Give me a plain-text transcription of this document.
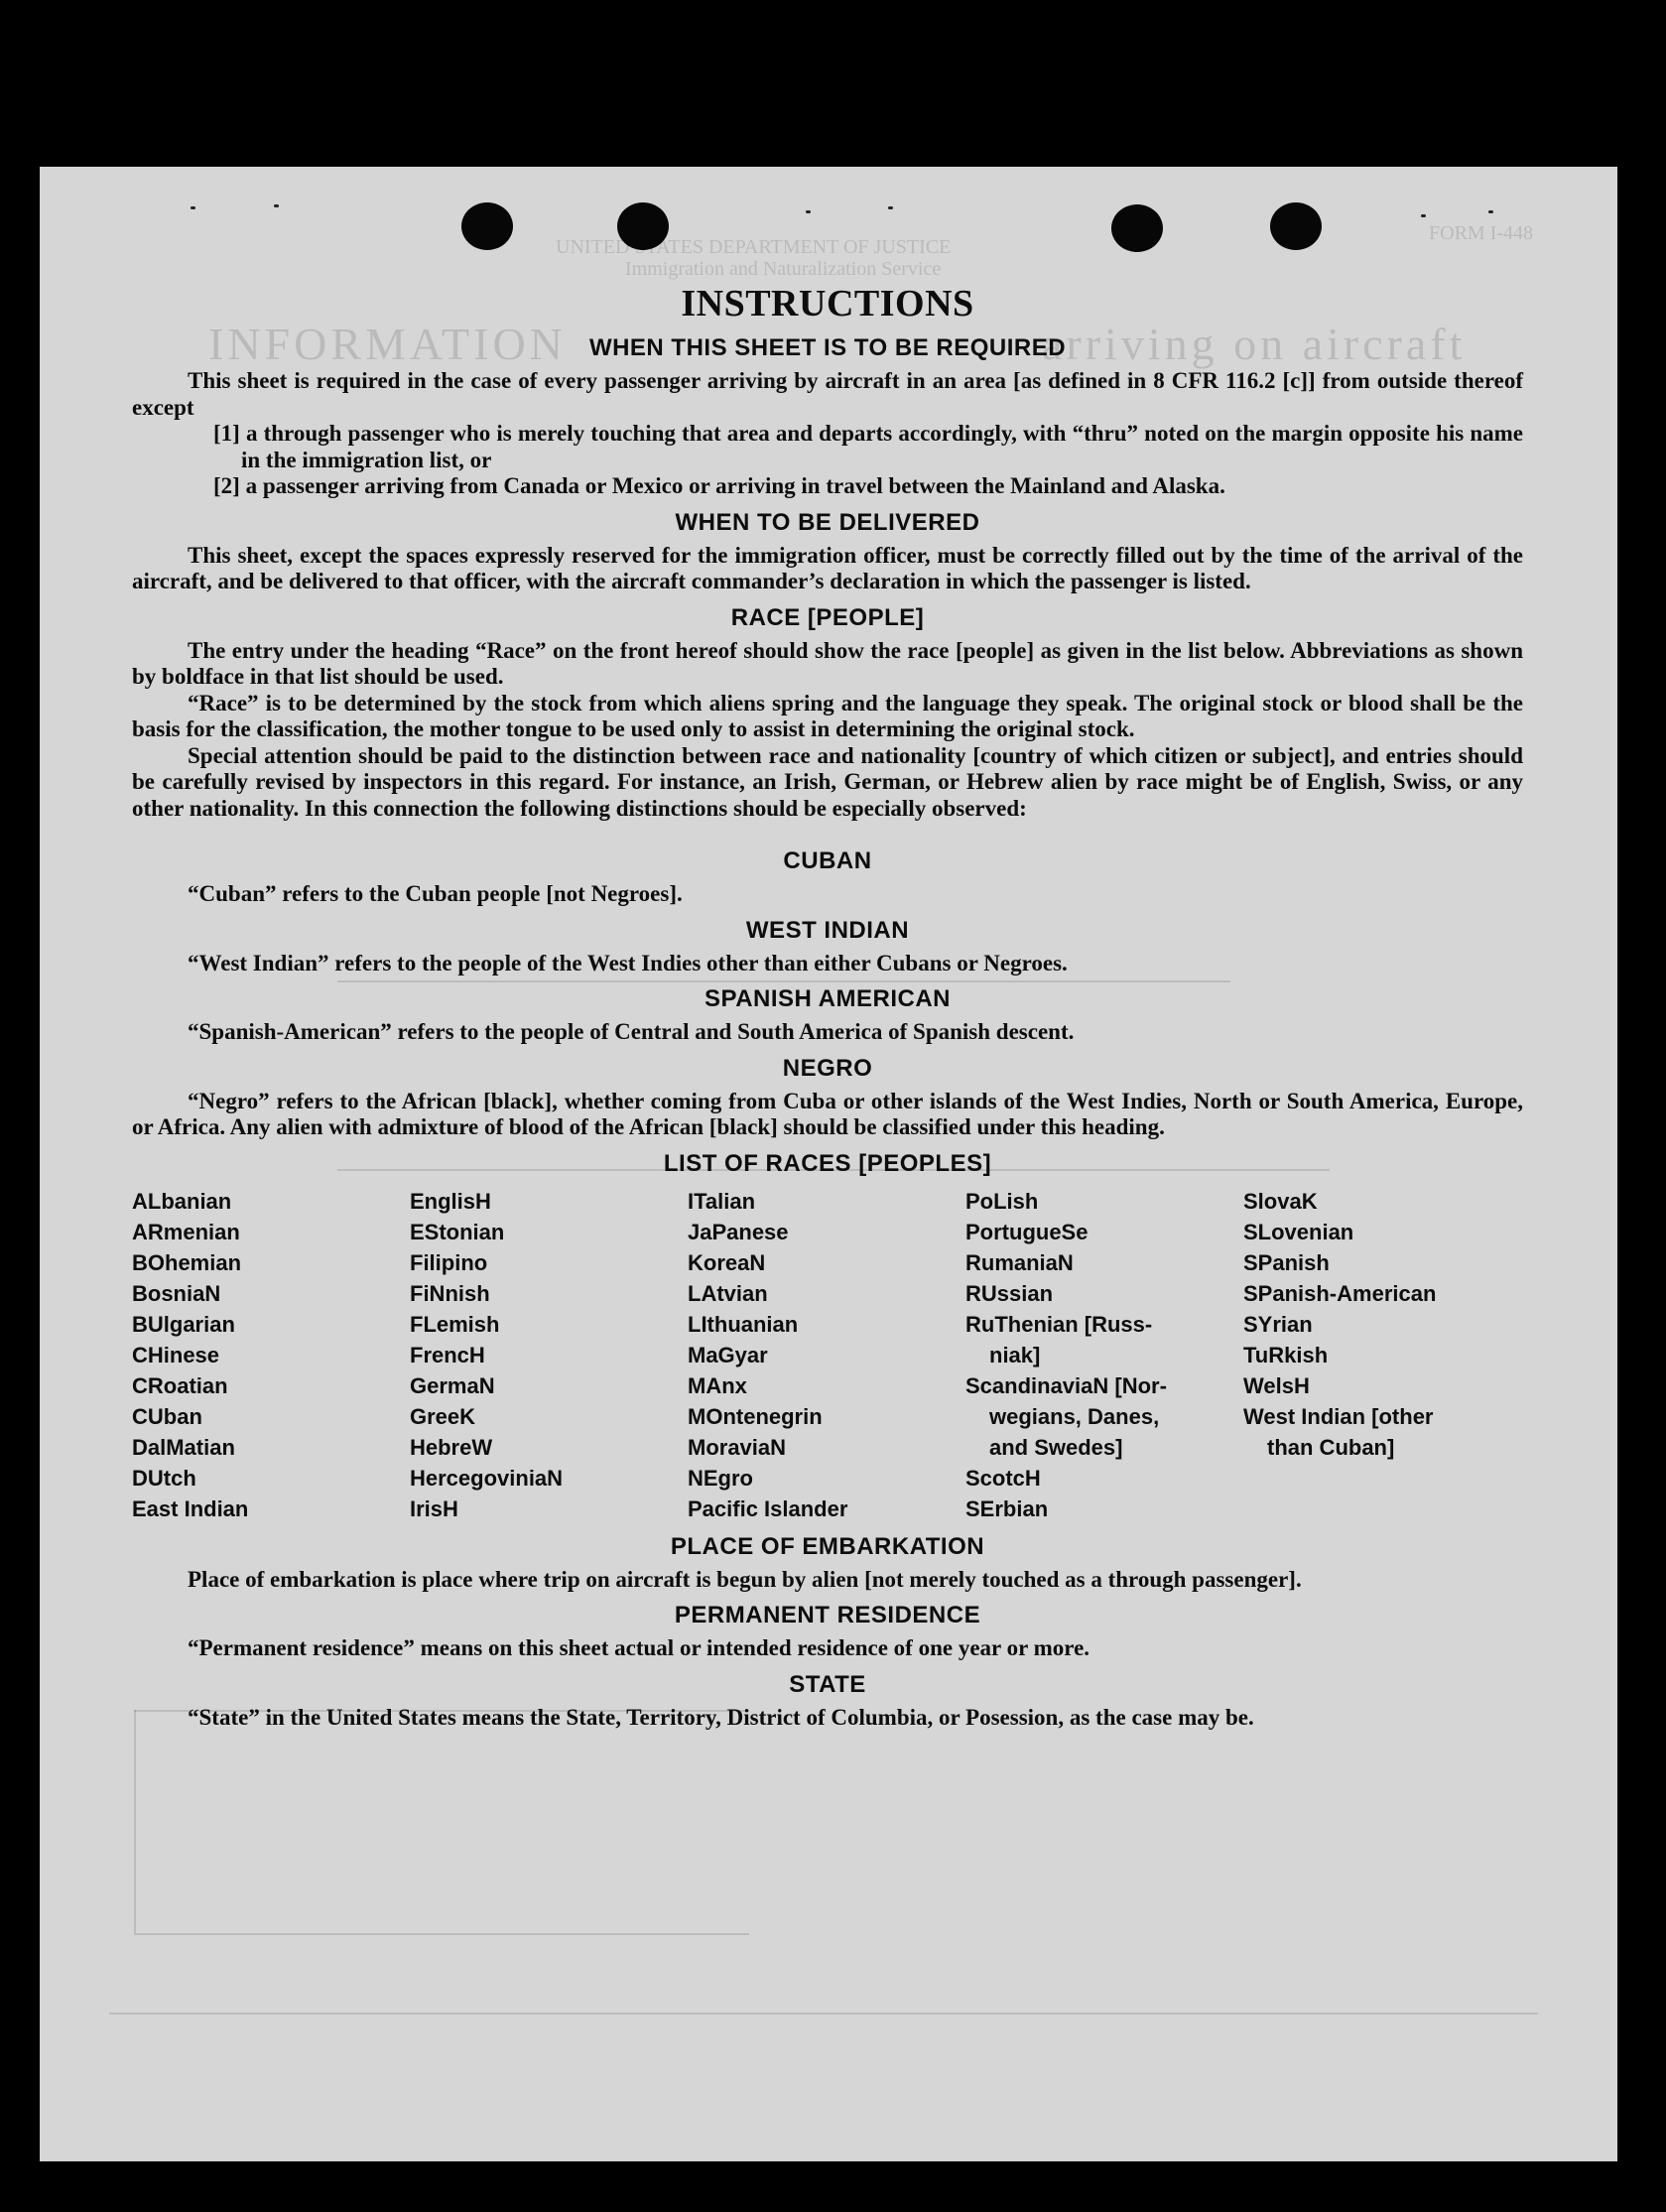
UNITED STATES DEPARTMENT OF JUSTICE
Immigration and Naturalization Service
FORM I-448
INFORMATION	arriving on aircraft
INSTRUCTIONS
WHEN THIS SHEET IS TO BE REQUIRED

This sheet is required in the case of every passenger arriving by aircraft in an area [as defined in 8 CFR 116.2 [c]] from outside thereof except

[1] a through passenger who is merely touching that area and departs accordingly, with “thru” noted on the margin opposite his name in the immigration list, or

[2] a passenger arriving from Canada or Mexico or arriving in travel between the Mainland and Alaska.

WHEN TO BE DELIVERED

This sheet, except the spaces expressly reserved for the immigration officer, must be correctly filled out by the time of the arrival of the aircraft, and be delivered to that officer, with the aircraft commander’s declaration in which the passenger is listed.

RACE [PEOPLE]

The entry under the heading “Race” on the front hereof should show the race [people] as given in the list below. Abbreviations as shown by boldface in that list should be used.

“Race” is to be determined by the stock from which aliens spring and the language they speak. The original stock or blood shall be the basis for the classification, the mother tongue to be used only to assist in determining the original stock.

Special attention should be paid to the distinction between race and nationality [country of which citizen or subject], and entries should be carefully revised by inspectors in this regard. For instance, an Irish, German, or Hebrew alien by race might be of English, Swiss, or any other nationality. In this connection the following distinctions should be especially observed:

CUBAN

“Cuban” refers to the Cuban people [not Negroes].

WEST INDIAN

“West Indian” refers to the people of the West Indies other than either Cubans or Negroes.

SPANISH AMERICAN

“Spanish-American” refers to the people of Central and South America of Spanish descent.

NEGRO

“Negro” refers to the African [black], whether coming from Cuba or other islands of the West Indies, North or South America, Europe, or Africa. Any alien with admixture of blood of the African [black] should be classified under this heading.

LIST OF RACES [PEOPLES]
ALbanian
ARmenian
BOhemian
BosniaN
BUlgarian
CHinese
CRoatian
CUban
DalMatian
DUtch
East Indian
EnglisH
EStonian
Filipino
FiNnish
FLemish
FrencH
GermaN
GreeK
HebreW
HercegoviniaN
IrisH
ITalian
JaPanese
KoreaN
LAtvian
LIthuanian
MaGyar
MAnx
MOntenegrin
MoraviaN
NEgro
Pacific Islander
PoLish
PortugueSe
RumaniaN
RUssian
RuThenian [Russ-
niak]
ScandinaviaN [Nor-
wegians, Danes,
and Swedes]
ScotcH
SErbian
SlovaK
SLovenian
SPanish
SPanish-American
SYrian
TuRkish
WelsH
West Indian [other
than Cuban]
PLACE OF EMBARKATION

Place of embarkation is place where trip on aircraft is begun by alien [not merely touched as a through passenger].

PERMANENT RESIDENCE

“Permanent residence” means on this sheet actual or intended residence of one year or more.

STATE

“State” in the United States means the State, Territory, District of Columbia, or Posession, as the case may be.
